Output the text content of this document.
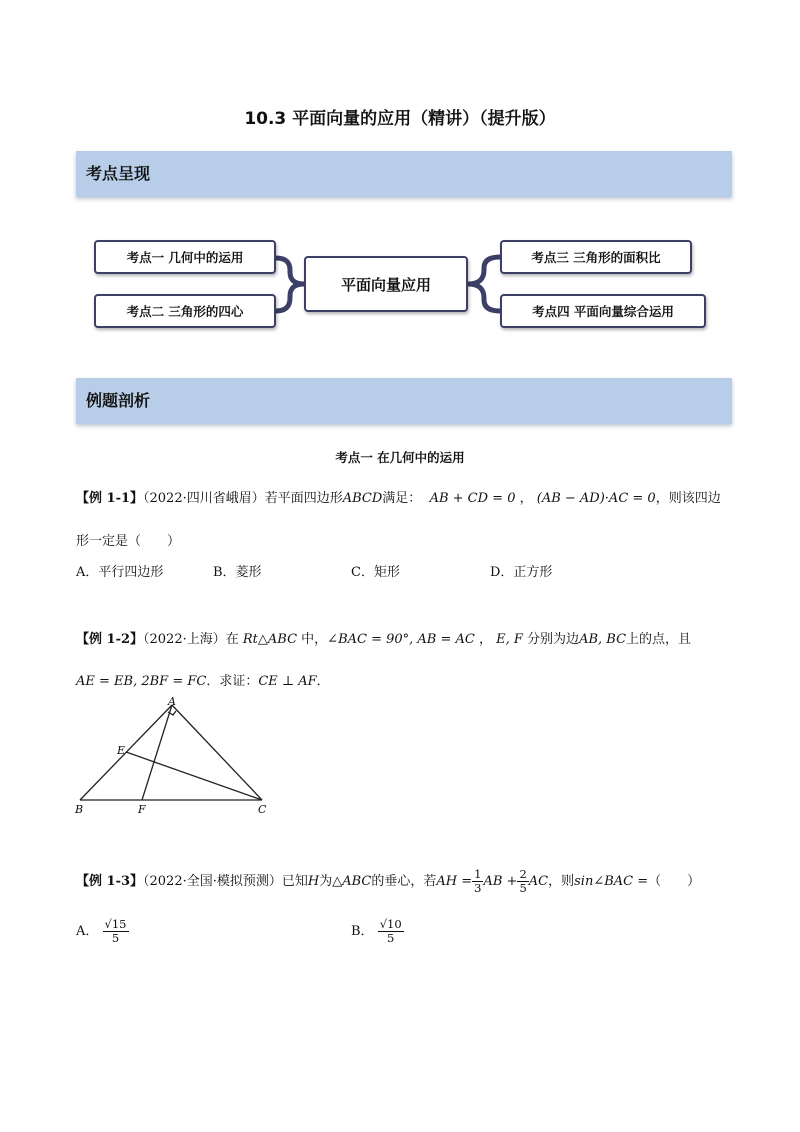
10.3 平面向量的应用（精讲）（提升版）
考点呈现
考点一 几何中的运用
考点二 三角形的四心
平面向量应用
考点三 三角形的面积比
考点四 平面向量综合运用
例题剖析
考点一 在几何中的运用
【例 1-1】（2022·四川省峨眉）若平面四边形ABCD满足： AB + CD = 0 ， (AB − AD)·AC = 0，则该四边
形一定是（　　）
A．平行四边形	B．菱形	C．矩形	D．正方形
【例 1-2】（2022·上海）在 Rt△ABC 中，∠BAC = 90°, AB = AC ， E, F 分别为边AB, BC上的点，且
AE = EB, 2BF = FC．求证：CE ⊥ AF．
A
E
B	F	C
【例 1-3】（2022·全国·模拟预测）已知H为△ABC的垂心，若AH = $\frac{1}{3}$ AB + $\frac{2}{5}$ AC，则sin∠BAC =（　　）
A． $\frac{√15}{5}$	B． $\frac{√10}{5}$
